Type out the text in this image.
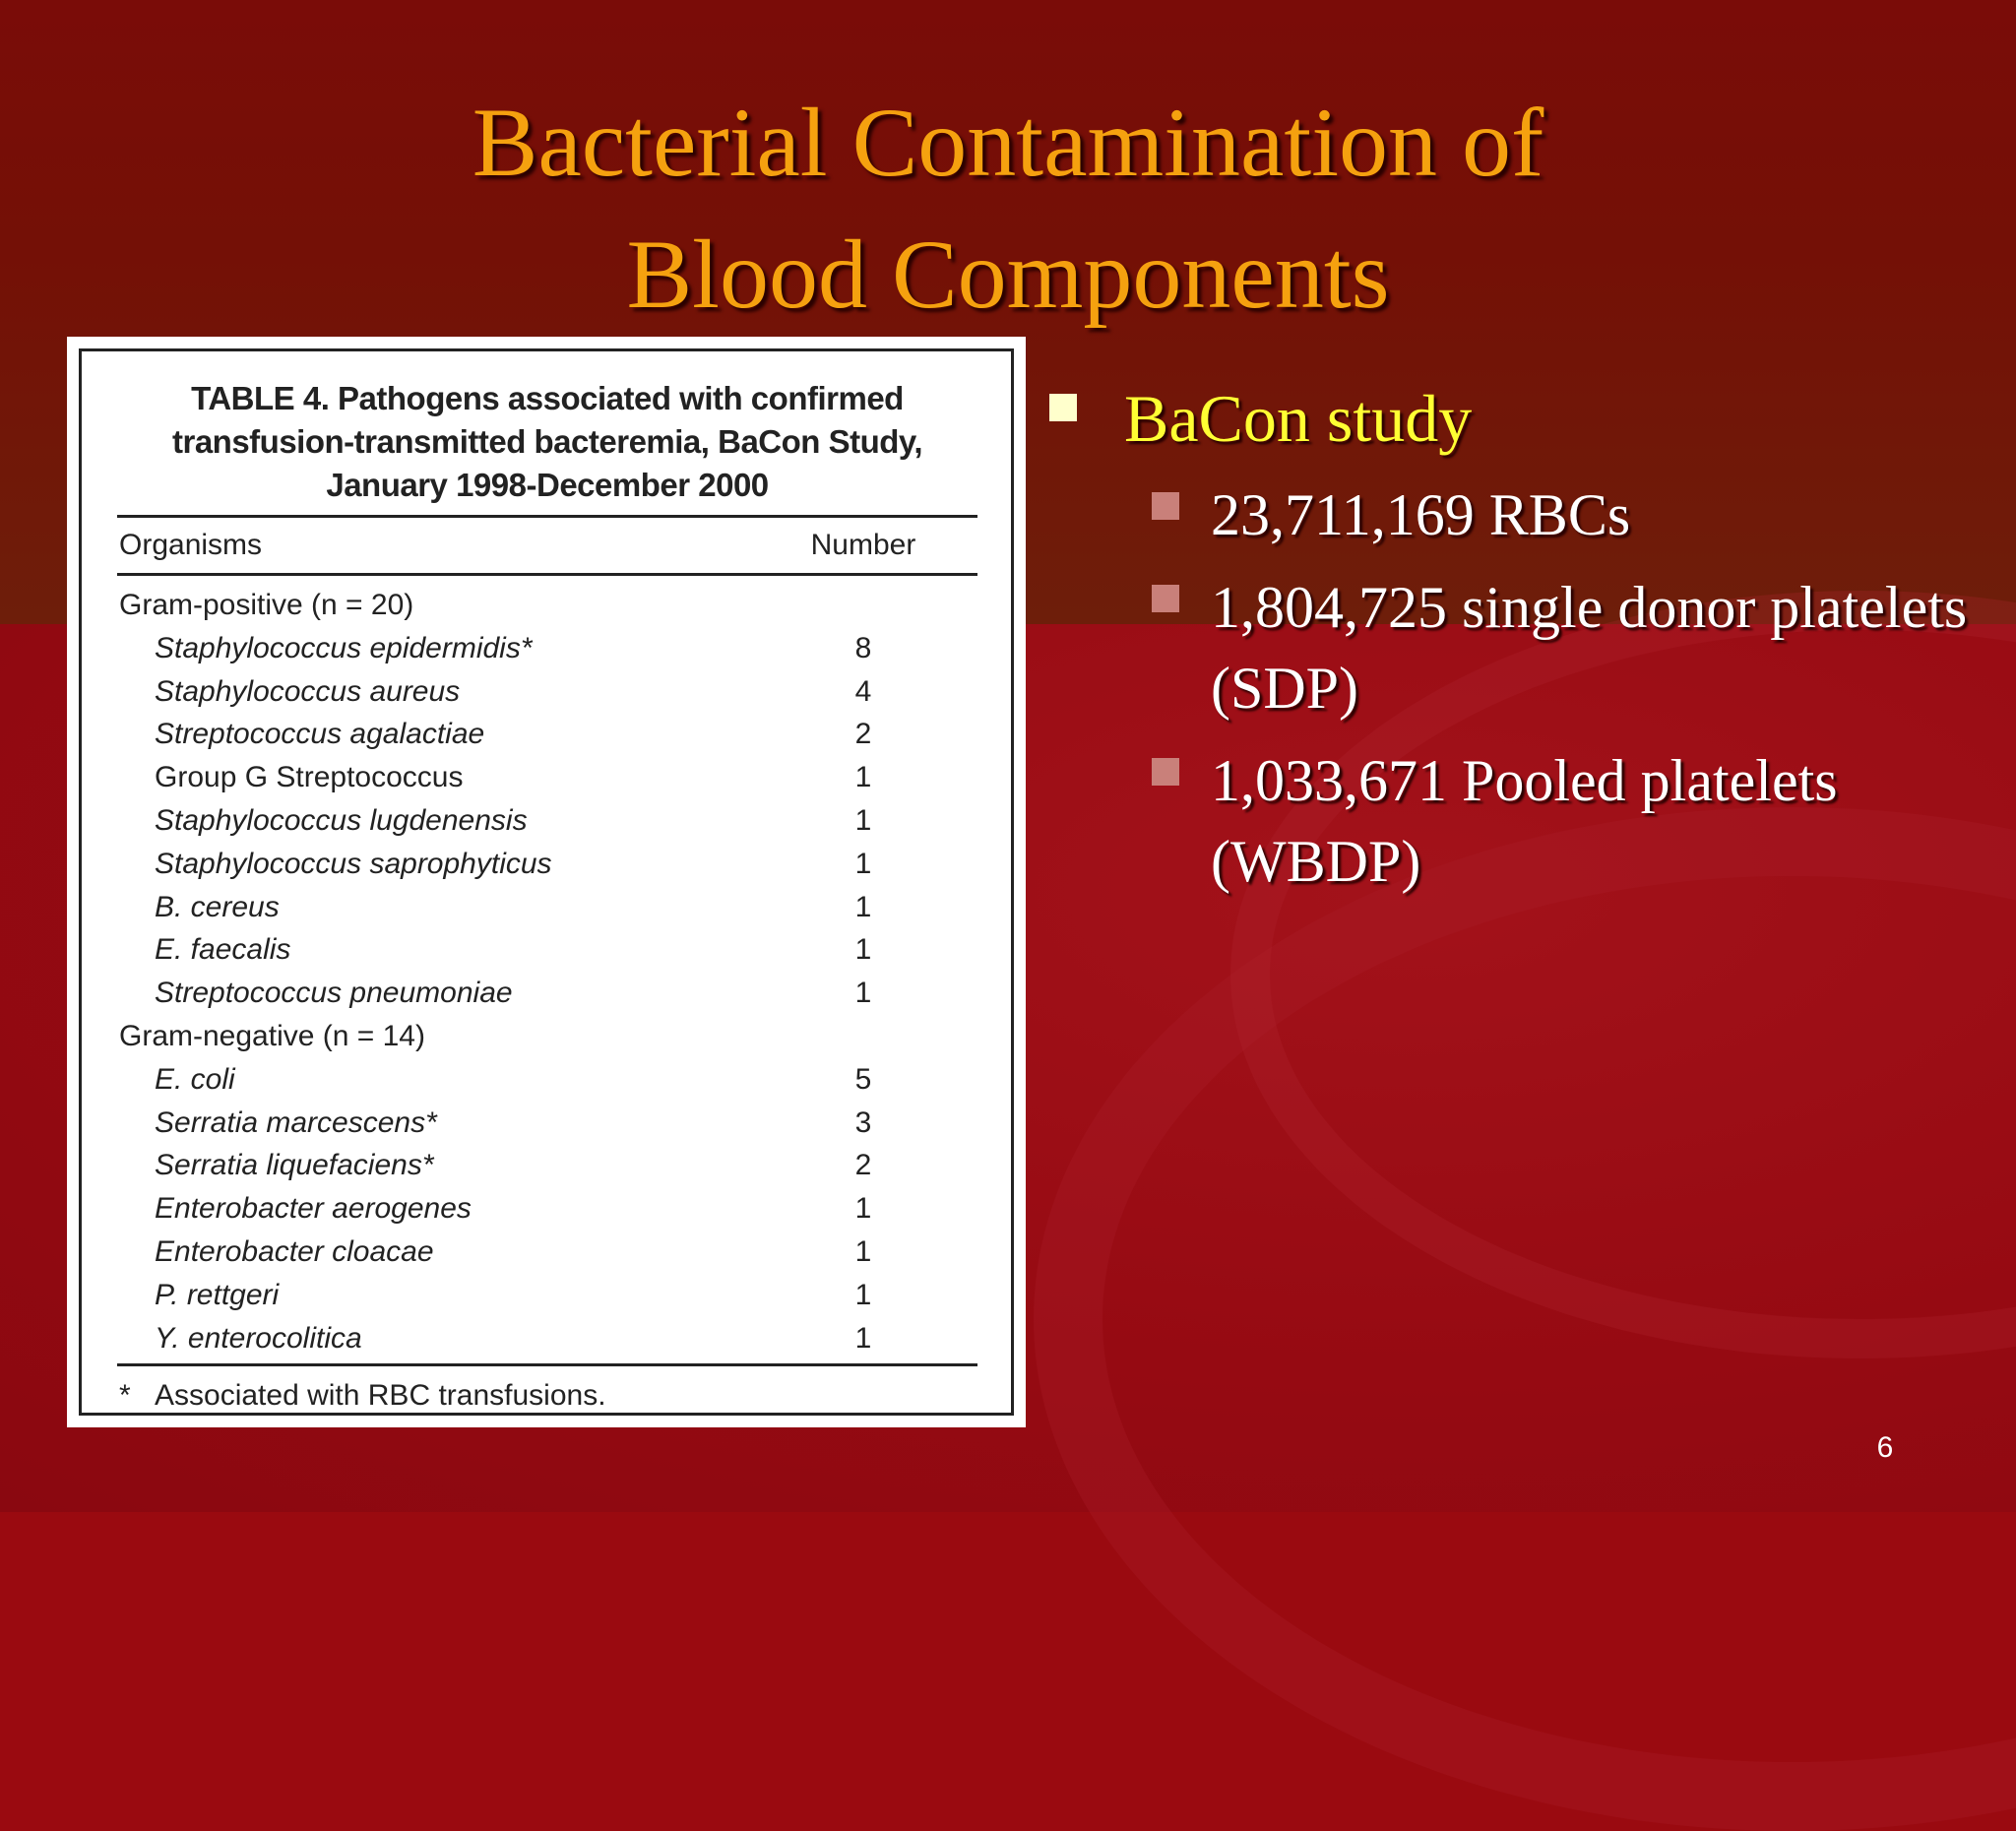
Bacterial Contamination of
Blood Components
TABLE 4. Pathogens associated with confirmed
transfusion-transmitted bacteremia, BaCon Study,
January 1998-December 2000
Organisms	Number
Gram-positive (n = 20)
Staphylococcus epidermidis*	8
Staphylococcus aureus	4
Streptococcus agalactiae	2
Group G Streptococcus	1
Staphylococcus lugdenensis	1
Staphylococcus saprophyticus	1
B. cereus	1
E. faecalis	1
Streptococcus pneumoniae	1
Gram-negative (n = 14)
E. coli	5
Serratia marcescens*	3
Serratia liquefaciens*	2
Enterobacter aerogenes	1
Enterobacter cloacae	1
P. rettgeri	1
Y. enterocolitica	1
* Associated with RBC transfusions.
BaCon study
23,711,169 RBCs
1,804,725 single donor platelets (SDP)
1,033,671 Pooled platelets (WBDP)
6
